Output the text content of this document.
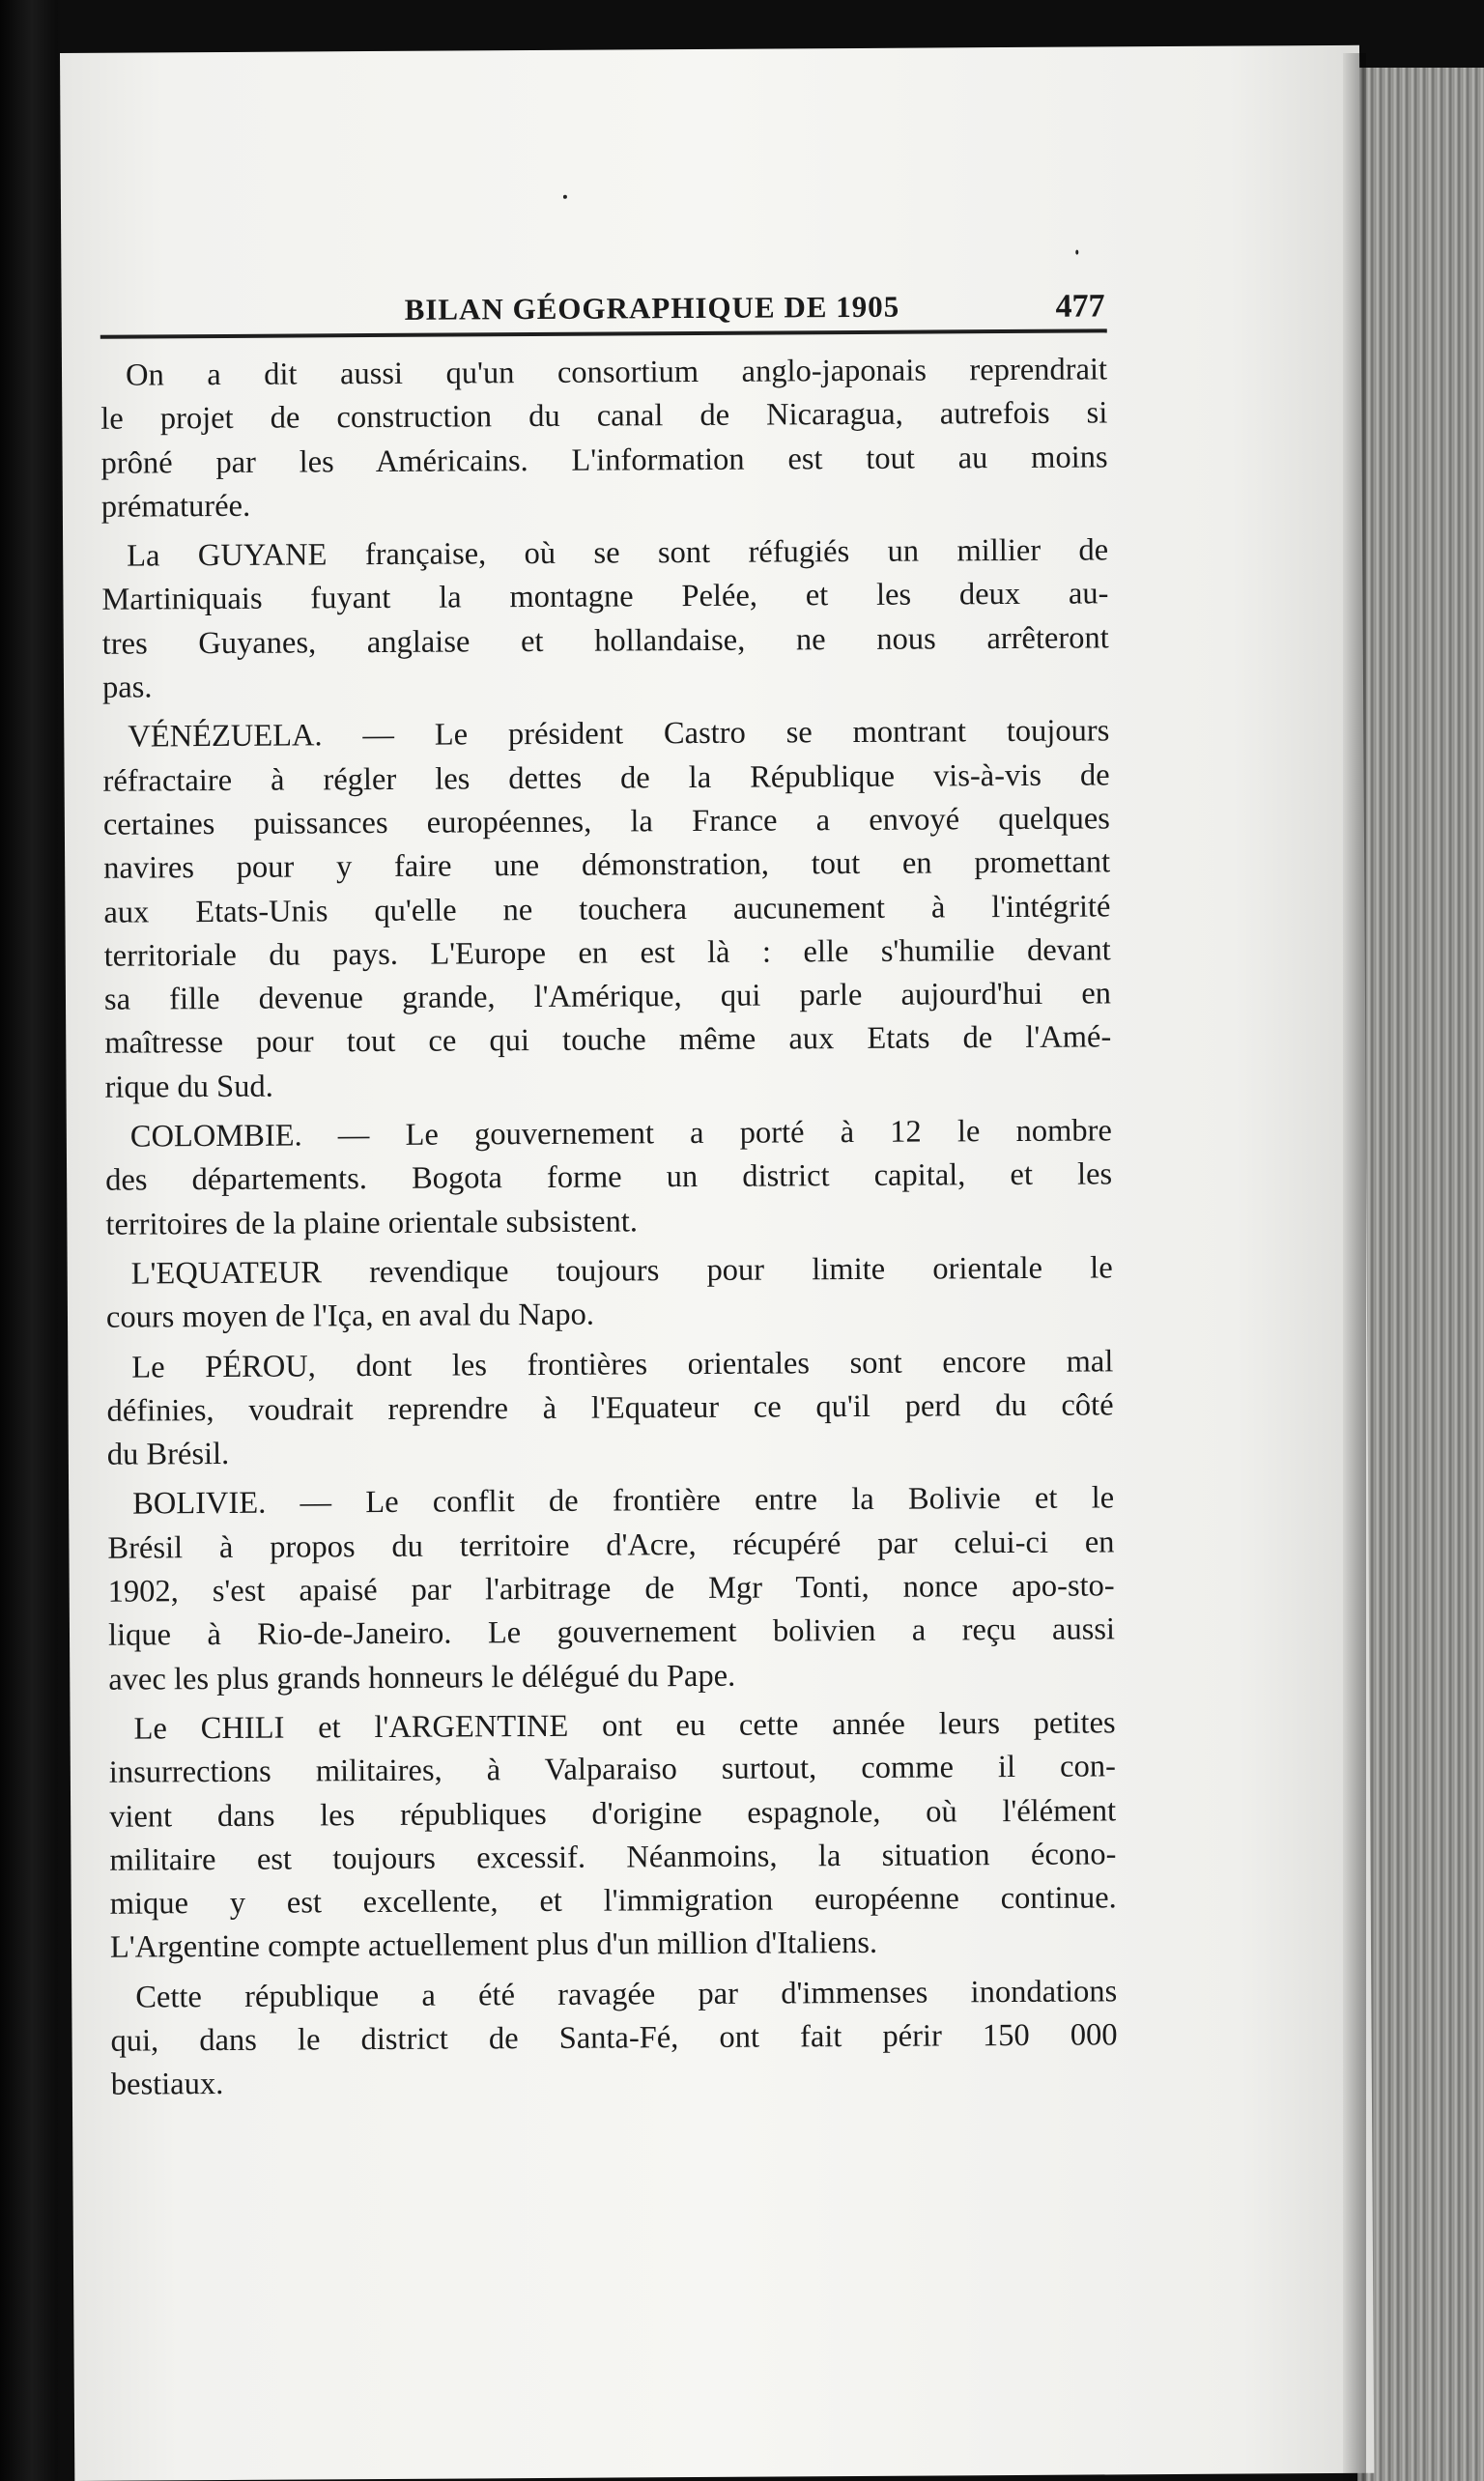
BILAN GÉOGRAPHIQUE DE 1905	477

On a dit aussi qu'un consortium anglo-japonais reprendrait
le projet de construction du canal de Nicaragua, autrefois si
prôné par les Américains. L'information est tout au moins
prématurée.

La GUYANE française, où se sont réfugiés un millier de
Martiniquais fuyant la montagne Pelée, et les deux au-
tres Guyanes, anglaise et hollandaise, ne nous arrêteront
pas.

VÉNÉZUELA. — Le président Castro se montrant toujours
réfractaire à régler les dettes de la République vis-à-vis de
certaines puissances européennes, la France a envoyé quelques
navires pour y faire une démonstration, tout en promettant
aux Etats-Unis qu'elle ne touchera aucunement à l'intégrité
territoriale du pays. L'Europe en est là : elle s'humilie devant
sa fille devenue grande, l'Amérique, qui parle aujourd'hui en
maîtresse pour tout ce qui touche même aux Etats de l'Amé-
rique du Sud.

COLOMBIE. — Le gouvernement a porté à 12 le nombre
des départements. Bogota forme un district capital, et les
territoires de la plaine orientale subsistent.

L'EQUATEUR revendique toujours pour limite orientale le
cours moyen de l'Iça, en aval du Napo.

Le PÉROU, dont les frontières orientales sont encore mal
définies, voudrait reprendre à l'Equateur ce qu'il perd du côté
du Brésil.

BOLIVIE. — Le conflit de frontière entre la Bolivie et le
Brésil à propos du territoire d'Acre, récupéré par celui-ci en
1902, s'est apaisé par l'arbitrage de Mgr Tonti, nonce apo-sto-
lique à Rio-de-Janeiro. Le gouvernement bolivien a reçu aussi
avec les plus grands honneurs le délégué du Pape.

Le CHILI et l'ARGENTINE ont eu cette année leurs petites
insurrections militaires, à Valparaiso surtout, comme il con-
vient dans les républiques d'origine espagnole, où l'élément
militaire est toujours excessif. Néanmoins, la situation écono-
mique y est excellente, et l'immigration européenne continue.
L'Argentine compte actuellement plus d'un million d'Italiens.

Cette république a été ravagée par d'immenses inondations
qui, dans le district de Santa-Fé, ont fait périr 150 000
bestiaux.
